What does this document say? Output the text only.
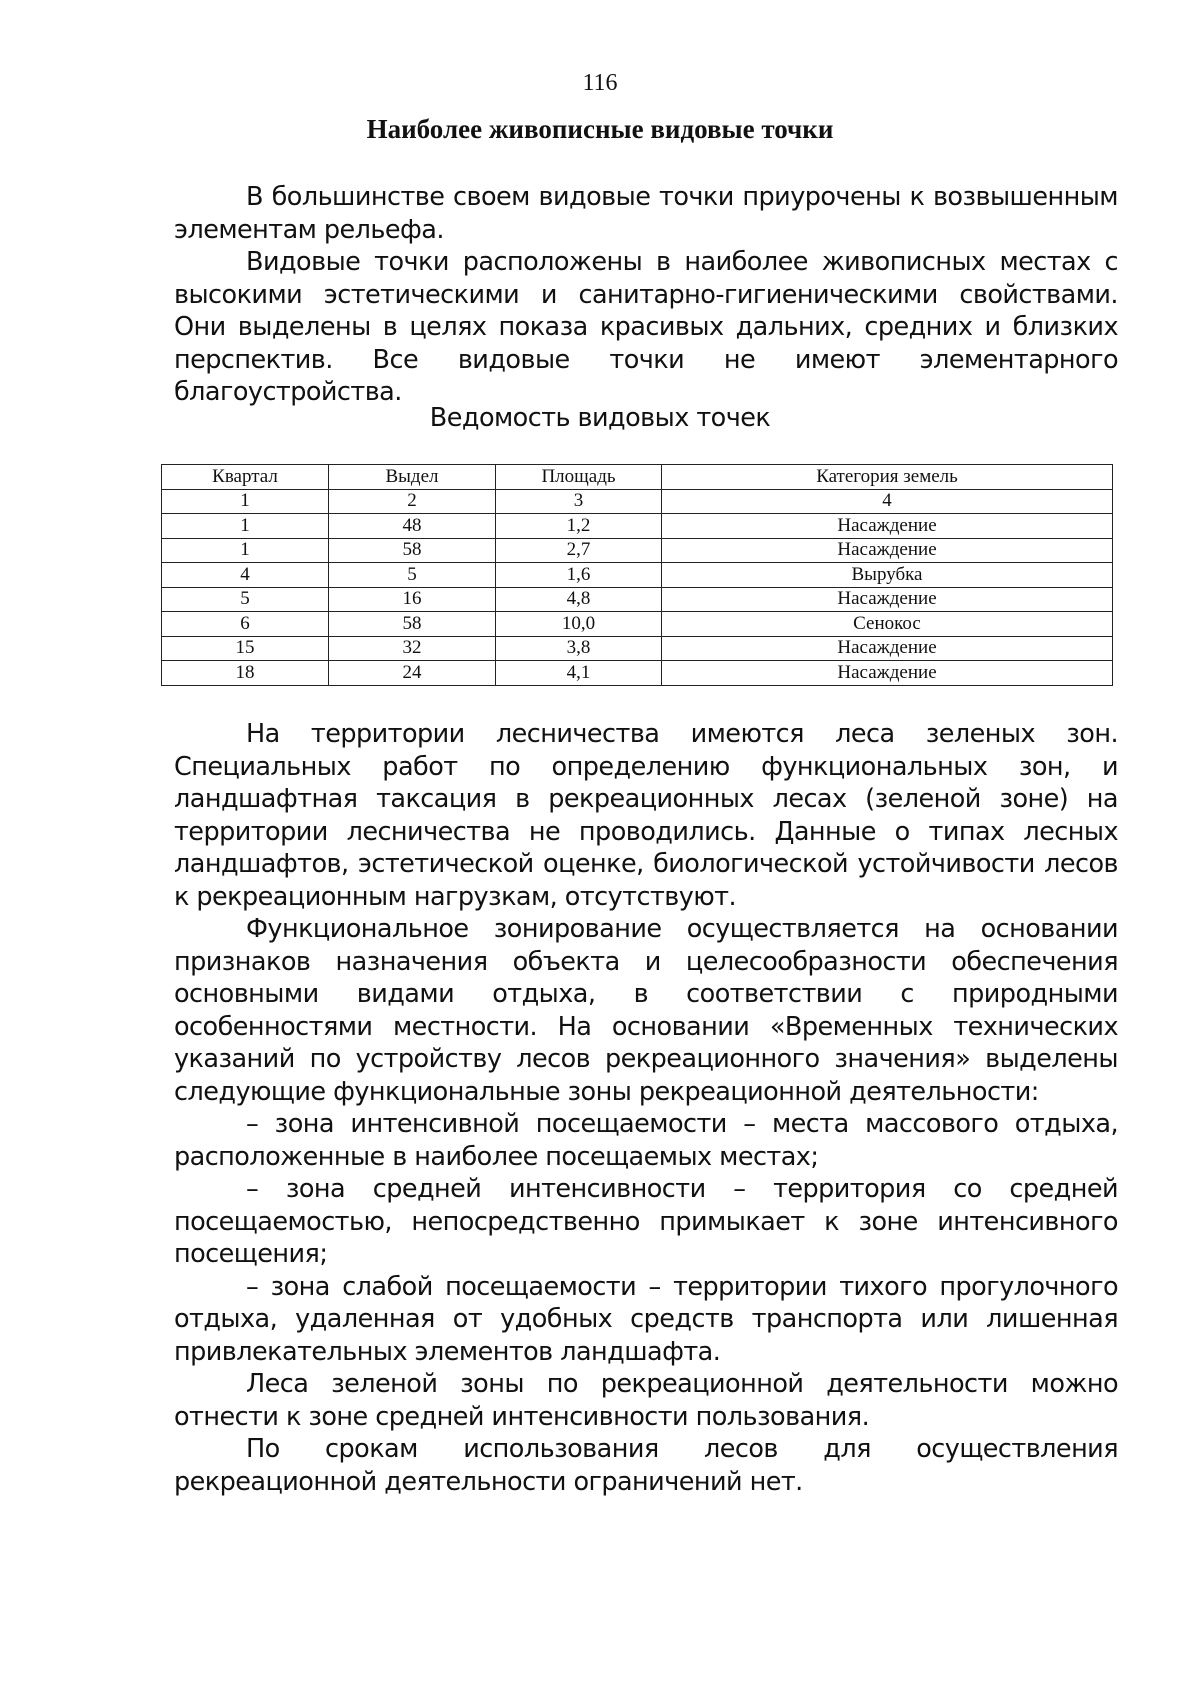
116
Наиболее живописные видовые точки

В большинстве своем видовые точки приурочены к возвышенным элементам рельефа.

Видовые точки расположены в наиболее живописных местах с высокими эстетическими и санитарно-гигиеническими свойствами. Они выделены в целях показа красивых дальних, средних и близких перспектив. Все видовые точки не имеют элементарного благоустройства.

Ведомость видовых точек
Квартал	Выдел	Площадь	Категория земель
1	2	3	4
1	48	1,2	Насаждение
1	58	2,7	Насаждение
4	5	1,6	Вырубка
5	16	4,8	Насаждение
6	58	10,0	Сенокос
15	32	3,8	Насаждение
18	24	4,1	Насаждение

На территории лесничества имеются леса зеленых зон. Специальных работ по определению функциональных зон, и ландшафтная таксация в рекреационных лесах (зеленой зоне) на территории лесничества не проводились. Данные о типах лесных ландшафтов, эстетической оценке, биологической устойчивости лесов к рекреационным нагрузкам, отсутствуют.

Функциональное зонирование осуществляется на основании признаков назначения объекта и целесообразности обеспечения основными видами отдыха, в соответствии с природными особенностями местности. На основании «Временных технических указаний по устройству лесов рекреационного значения» выделены следующие функциональные зоны рекреационной деятельности:

– зона интенсивной посещаемости – места массового отдыха, расположенные в наиболее посещаемых местах;

– зона средней интенсивности – территория со средней посещаемостью, непосредственно примыкает к зоне интенсивного посещения;

– зона слабой посещаемости – территории тихого прогулочного отдыха, удаленная от удобных средств транспорта или лишенная привлекательных элементов ландшафта.

Леса зеленой зоны по рекреационной деятельности можно отнести к зоне средней интенсивности пользования.

По срокам использования лесов для осуществления рекреационной деятельности ограничений нет.
